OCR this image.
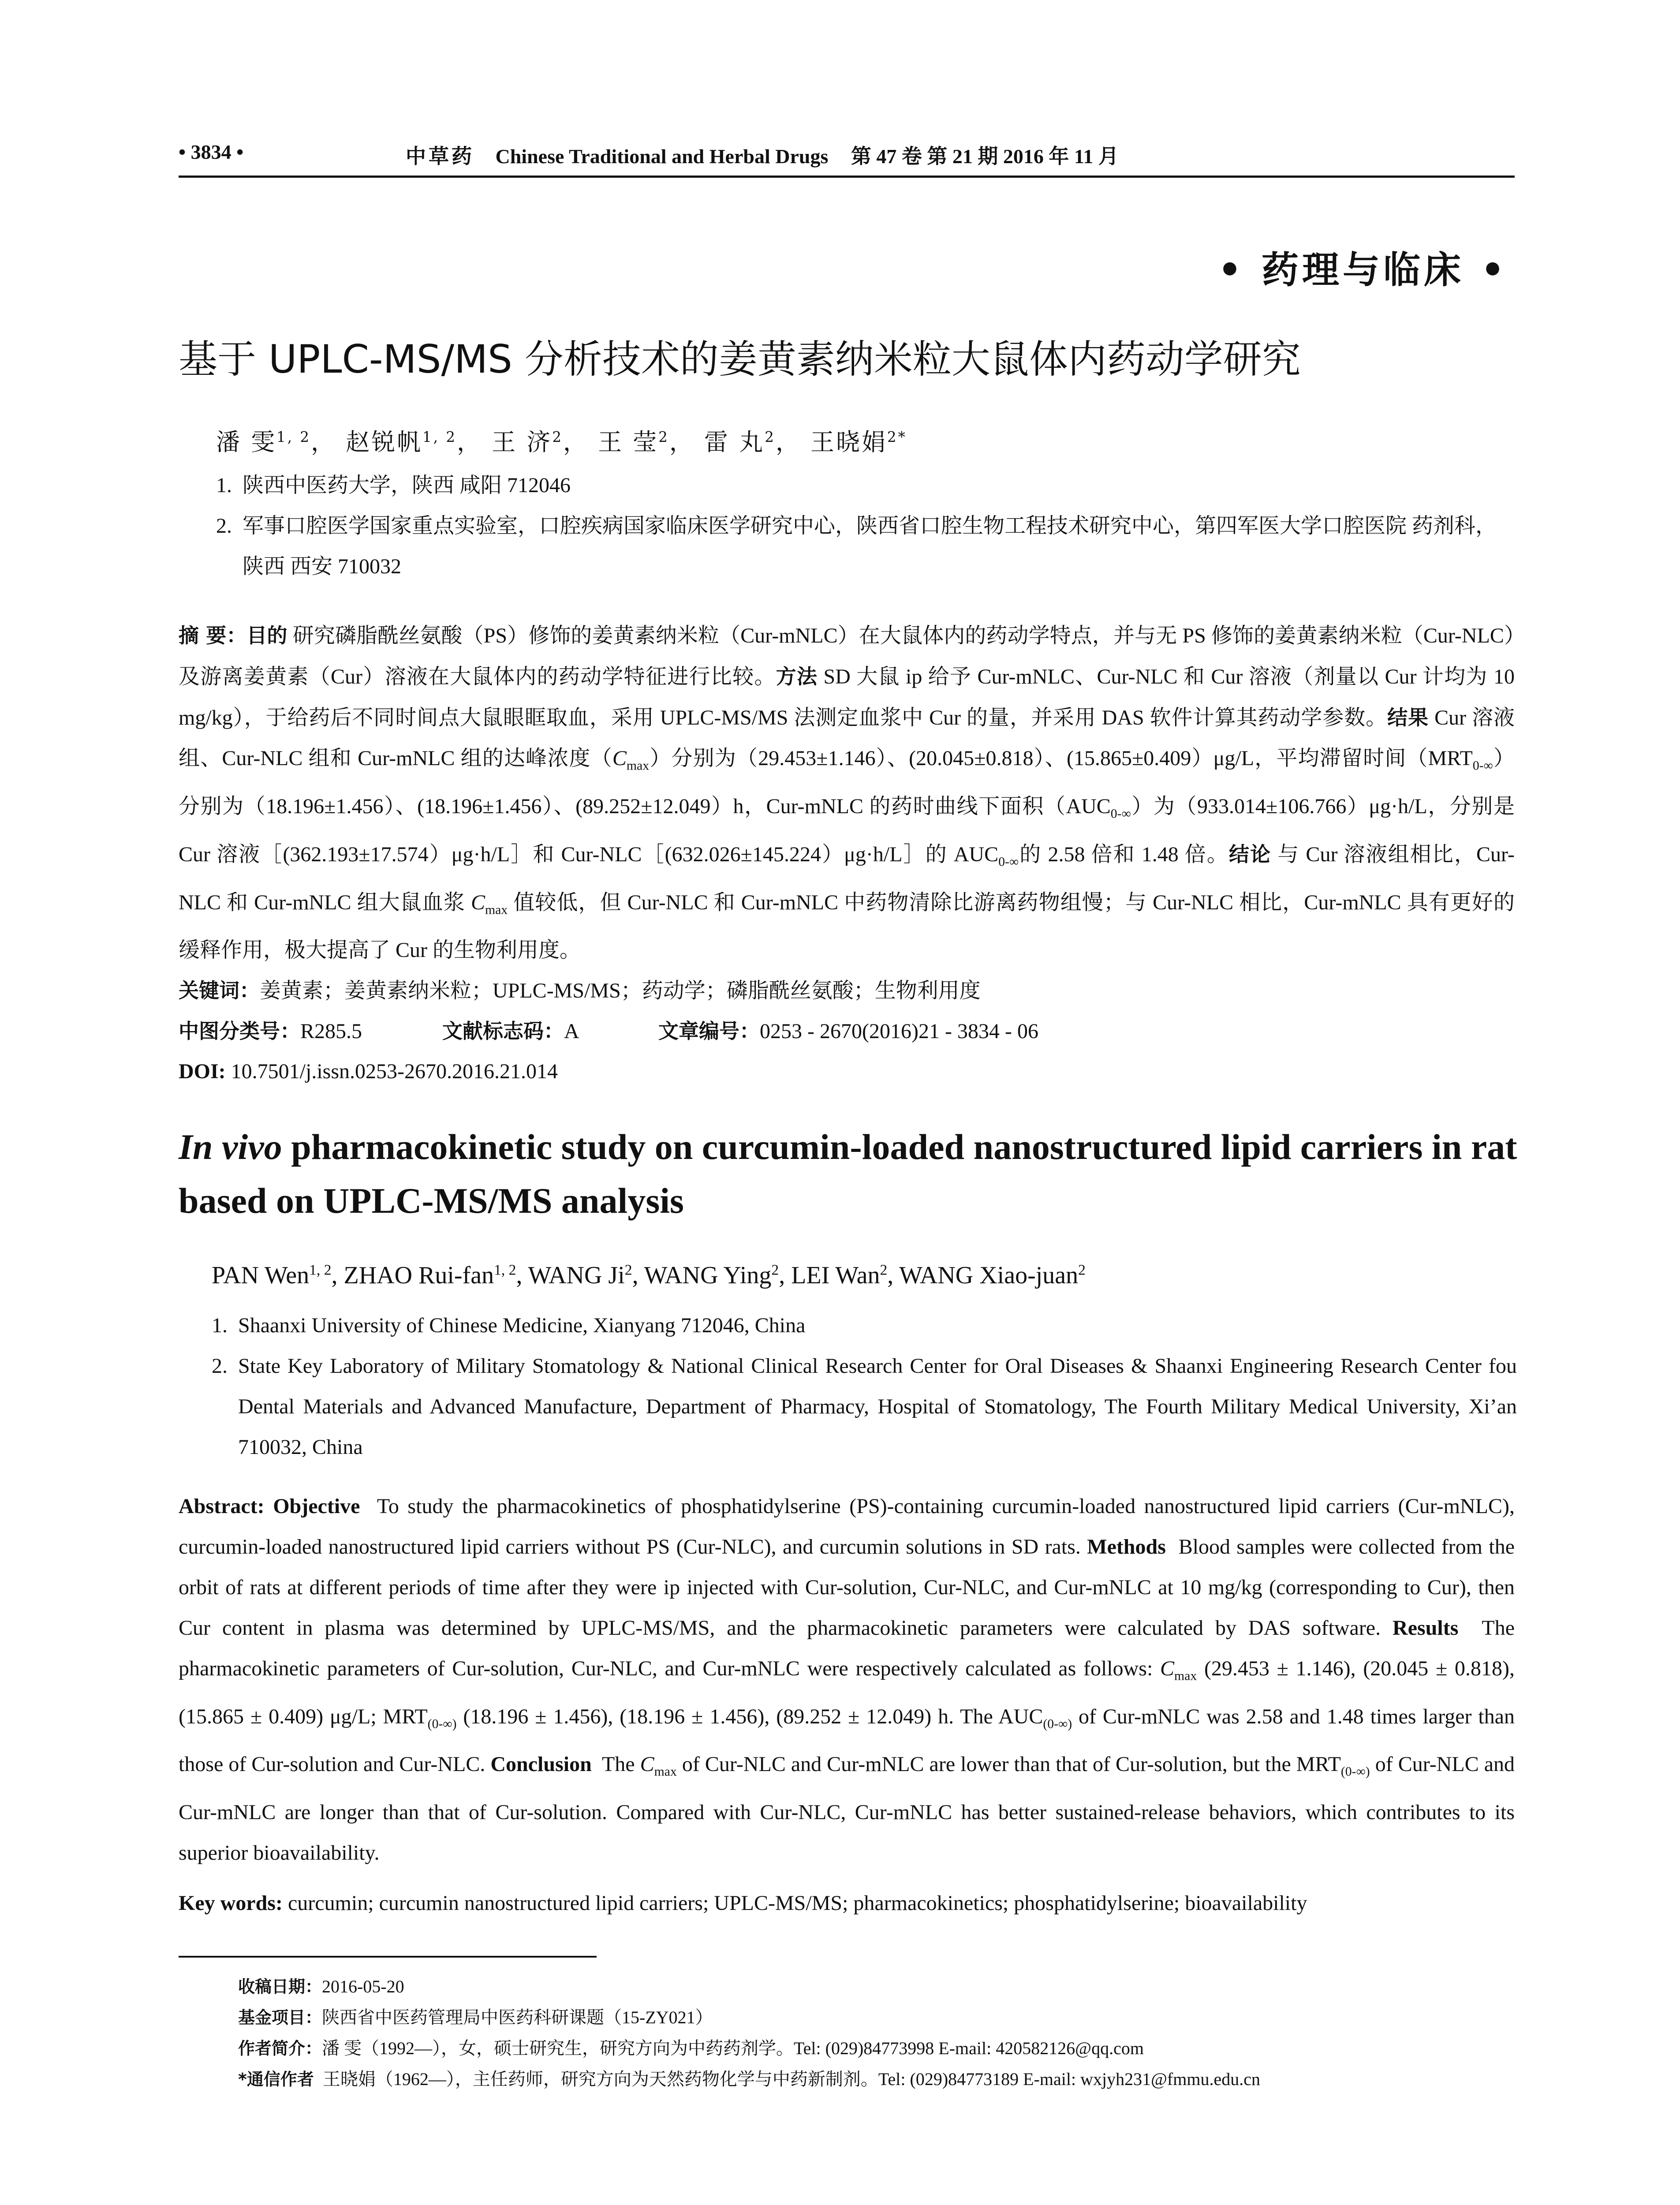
• 3834 •	中草药 Chinese Traditional and Herbal Drugs 第 47 卷 第 21 期 2016 年 11 月
• 药理与临床 •
基于 UPLC-MS/MS 分析技术的姜黄素纳米粒大鼠体内药动学研究
潘 雯$^{1, 2}$， 赵锐帆$^{1, 2}$， 王 济$^2$， 王 莹$^2$， 雷 丸$^2$， 王晓娟$^{2*}$
1. 陕西中医药大学，陕西 咸阳 712046
2. 军事口腔医学国家重点实验室，口腔疾病国家临床医学研究中心，陕西省口腔生物工程技术研究中心，第四军医大学口腔医院 药剂科，陕西 西安 710032
摘 要：目的 研究磷脂酰丝氨酸（PS）修饰的姜黄素纳米粒（Cur-mNLC）在大鼠体内的药动学特点，并与无 PS 修饰的姜黄素纳米粒（Cur-NLC）及游离姜黄素（Cur）溶液在大鼠体内的药动学特征进行比较。方法 SD 大鼠 ip 给予 Cur-mNLC、Cur-NLC 和 Cur 溶液（剂量以 Cur 计均为 10 mg/kg），于给药后不同时间点大鼠眼眶取血，采用 UPLC-MS/MS 法测定血浆中 Cur 的量，并采用 DAS 软件计算其药动学参数。结果 Cur 溶液组、Cur-NLC 组和 Cur-mNLC 组的达峰浓度$(C_{max})$分别为（29.453±1.146）、(20.045±0.818）、(15.865±0.409）μg/L，平均滞留时间$(MRT_{0-\infty})$分别为（18.196±1.456）、(18.196±1.456）、(89.252±12.049）h，Cur-mNLC 的药时曲线下面积$(AUC_{0-\infty})$为（933.014±106.766）μg·h/L，分别是 Cur 溶液［(362.193±17.574）μg·h/L］和 Cur-NLC［(632.026±145.224）μg·h/L］的 $AUC_{0-\infty}$的 2.58 倍和 1.48 倍。结论 与 Cur 溶液组相比，Cur-NLC 和 Cur-mNLC 组大鼠血浆 $C_{max}$ 值较低，但 Cur-NLC 和 Cur-mNLC 中药物清除比游离药物组慢；与 Cur-NLC 相比，Cur-mNLC 具有更好的缓释作用，极大提高了 Cur 的生物利用度。
关键词：姜黄素；姜黄素纳米粒；UPLC-MS/MS；药动学；磷脂酰丝氨酸；生物利用度
中图分类号：R285.5	文献标志码：A	文章编号：0253 - 2670(2016)21 - 3834 - 06
DOI: 10.7501/j.issn.0253-2670.2016.21.014
In vivo pharmacokinetic study on curcumin-loaded nanostructured lipid carriers in rat based on UPLC-MS/MS analysis
PAN Wen$^{1, 2}$, ZHAO Rui-fan$^{1, 2}$, WANG Ji$^2$, WANG Ying$^2$, LEI Wan$^2$, WANG Xiao-juan$^2$
1. Shaanxi University of Chinese Medicine, Xianyang 712046, China
2. State Key Laboratory of Military Stomatology & National Clinical Research Center for Oral Diseases & Shaanxi Engineering Research Center fou Dental Materials and Advanced Manufacture, Department of Pharmacy, Hospital of Stomatology, The Fourth Military Medical University, Xi’an 710032, China
Abstract: Objective To study the pharmacokinetics of phosphatidylserine (PS)-containing curcumin-loaded nanostructured lipid carriers (Cur-mNLC), curcumin-loaded nanostructured lipid carriers without PS (Cur-NLC), and curcumin solutions in SD rats. Methods Blood samples were collected from the orbit of rats at different periods of time after they were ip injected with Cur-solution, Cur-NLC, and Cur-mNLC at 10 mg/kg (corresponding to Cur), then Cur content in plasma was determined by UPLC-MS/MS, and the pharmacokinetic parameters were calculated by DAS software. Results The pharmacokinetic parameters of Cur-solution, Cur-NLC, and Cur-mNLC were respectively calculated as follows: $C_{max}$ (29.453 ± 1.146), (20.045 ± 0.818), (15.865 ± 0.409) μg/L; $MRT_{(0-\infty)}$ (18.196 ± 1.456), (18.196 ± 1.456), (89.252 ± 12.049) h. The $AUC_{(0-\infty)}$ of Cur-mNLC was 2.58 and 1.48 times larger than those of Cur-solution and Cur-NLC. Conclusion The $C_{max}$ of Cur-NLC and Cur-mNLC are lower than that of Cur-solution, but the $MRT_{(0-\infty)}$ of Cur-NLC and Cur-mNLC are longer than that of Cur-solution. Compared with Cur-NLC, Cur-mNLC has better sustained-release behaviors, which contributes to its superior bioavailability.
Key words: curcumin; curcumin nanostructured lipid carriers; UPLC-MS/MS; pharmacokinetics; phosphatidylserine; bioavailability
收稿日期：2016-05-20
基金项目：陕西省中医药管理局中医药科研课题（15-ZY021）
作者简介：潘 雯（1992—），女，硕士研究生，研究方向为中药药剂学。Tel: (029)84773998 E-mail: 420582126@qq.com
*通信作者 王晓娟（1962—），主任药师，研究方向为天然药物化学与中药新制剂。Tel: (029)84773189 E-mail: wxjyh231@fmmu.edu.cn
